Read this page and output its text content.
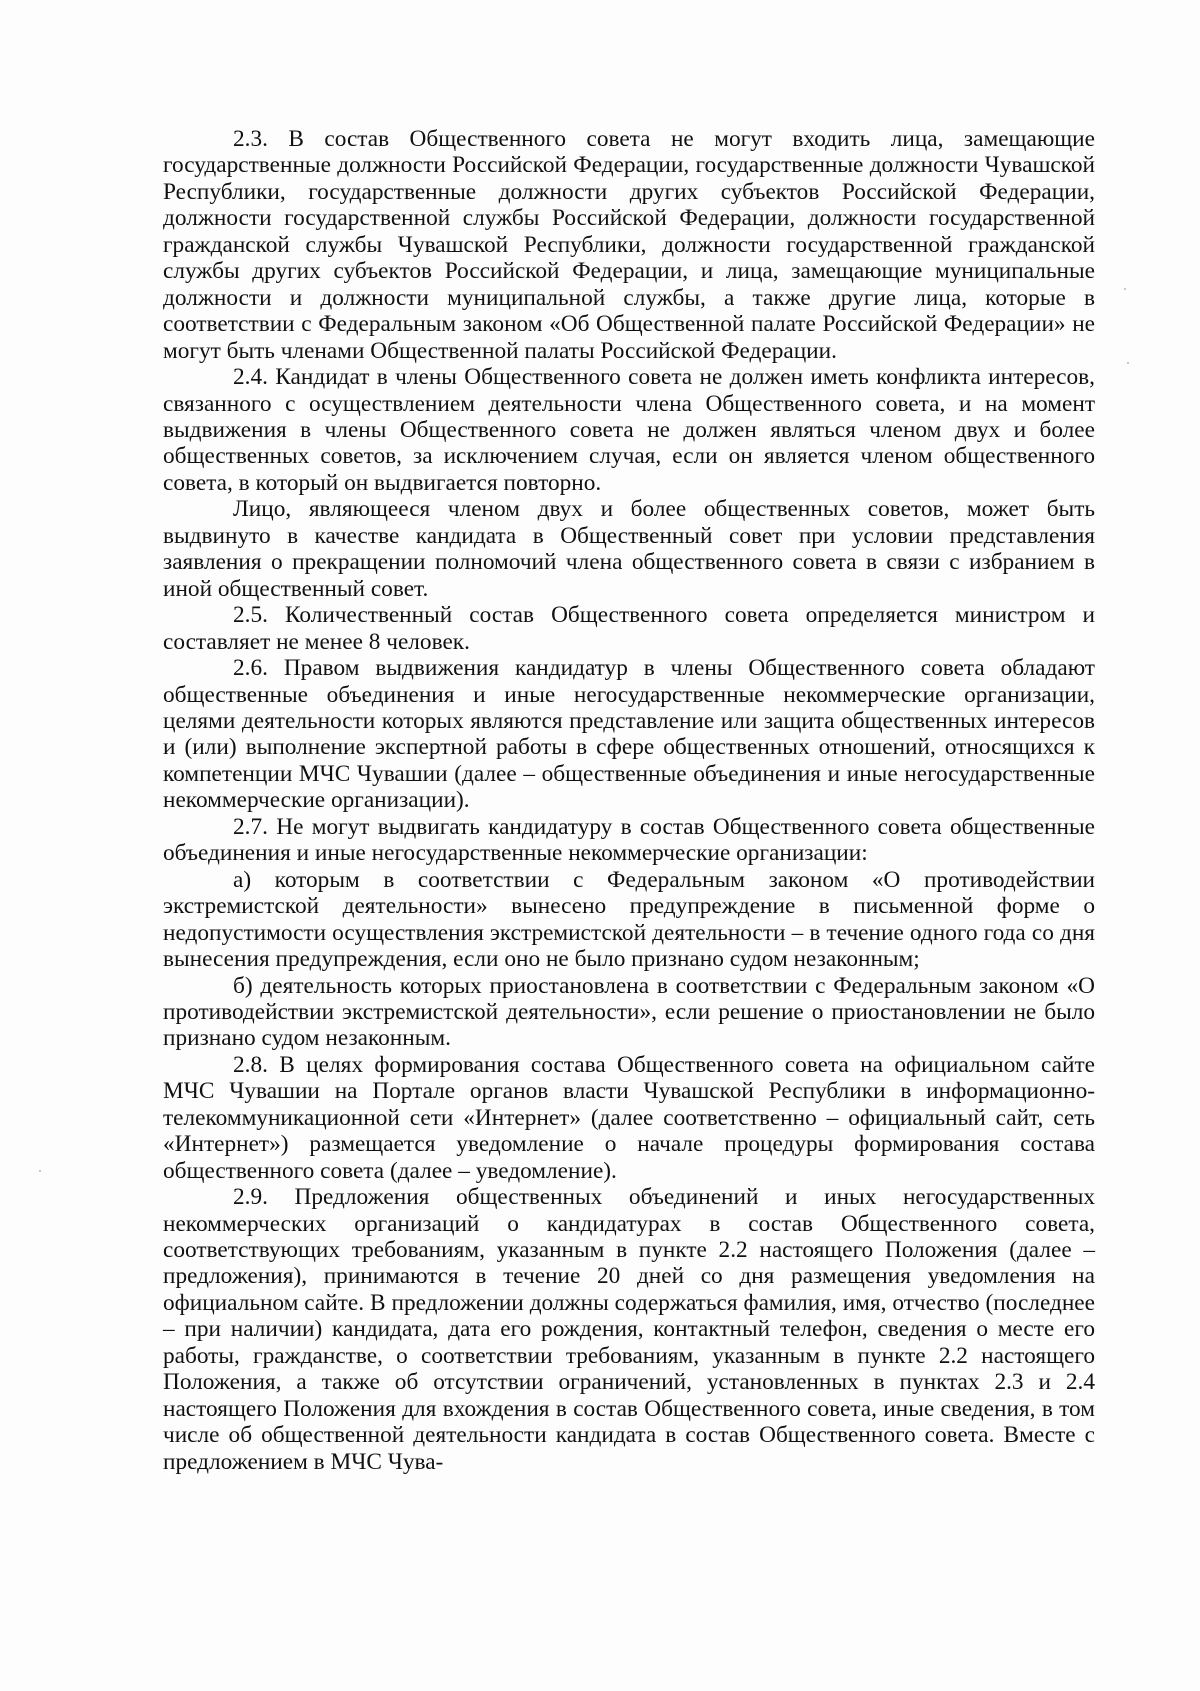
2.3. В состав Общественного совета не могут входить лица, замещающие государственные должности Российской Федерации, государственные должности Чувашской Республики, государственные должности других субъектов Российской Федерации, должности государственной службы Российской Федерации, должности государственной гражданской службы Чувашской Республики, должности государственной гражданской службы других субъектов Российской Федерации, и лица, замещающие муниципальные должности и должности муниципальной службы, а также другие лица, которые в соответствии с Федеральным законом «Об Общественной палате Российской Федерации» не могут быть членами Общественной палаты Российской Федерации.

2.4. Кандидат в члены Общественного совета не должен иметь конфликта интересов, связанного с осуществлением деятельности члена Общественного совета, и на момент выдвижения в члены Общественного совета не должен являться членом двух и более общественных советов, за исключением случая, если он является членом общественного совета, в который он выдвигается повторно.

Лицо, являющееся членом двух и более общественных советов, может быть выдвинуто в качестве кандидата в Общественный совет при условии представления заявления о прекращении полномочий члена общественного совета в связи с избранием в иной общественный совет.

2.5. Количественный состав Общественного совета определяется министром и составляет не менее 8 человек.

2.6. Правом выдвижения кандидатур в члены Общественного совета обладают общественные объединения и иные негосударственные некоммерческие организации, целями деятельности которых являются представление или защита общественных интересов и (или) выполнение экспертной работы в сфере общественных отношений, относящихся к компетенции МЧС Чувашии (далее – общественные объединения и иные негосударственные некоммерческие организации).

2.7. Не могут выдвигать кандидатуру в состав Общественного совета общественные объединения и иные негосударственные некоммерческие организации:

а) которым в соответствии с Федеральным законом «О противодействии экстремистской деятельности» вынесено предупреждение в письменной форме о недопустимости осуществления экстремистской деятельности – в течение одного года со дня вынесения предупреждения, если оно не было признано судом незаконным;

б) деятельность которых приостановлена в соответствии с Федеральным законом «О противодействии экстремистской деятельности», если решение о приостановлении не было признано судом незаконным.

2.8. В целях формирования состава Общественного совета на официальном сайте МЧС Чувашии на Портале органов власти Чувашской Республики в информационно-телекоммуникационной сети «Интернет» (далее соответственно – официальный сайт, сеть «Интернет») размещается уведомление о начале процедуры формирования состава общественного совета (далее – уведомление).

2.9. Предложения общественных объединений и иных негосударственных некоммерческих организаций о кандидатурах в состав Общественного совета, соответствующих требованиям, указанным в пункте 2.2 настоящего Положения (далее – предложения), принимаются в течение 20 дней со дня размещения уведомления на официальном сайте. В предложении должны содержаться фамилия, имя, отчество (последнее – при наличии) кандидата, дата его рождения, контактный телефон, сведения о месте его работы, гражданстве, о соответствии требованиям, указанным в пункте 2.2 настоящего Положения, а также об отсутствии ограничений, установленных в пунктах 2.3 и 2.4 настоящего Положения для вхождения в состав Общественного совета, иные сведения, в том числе об общественной деятельности кандидата в состав Общественного совета. Вместе с предложением в МЧС Чува-
